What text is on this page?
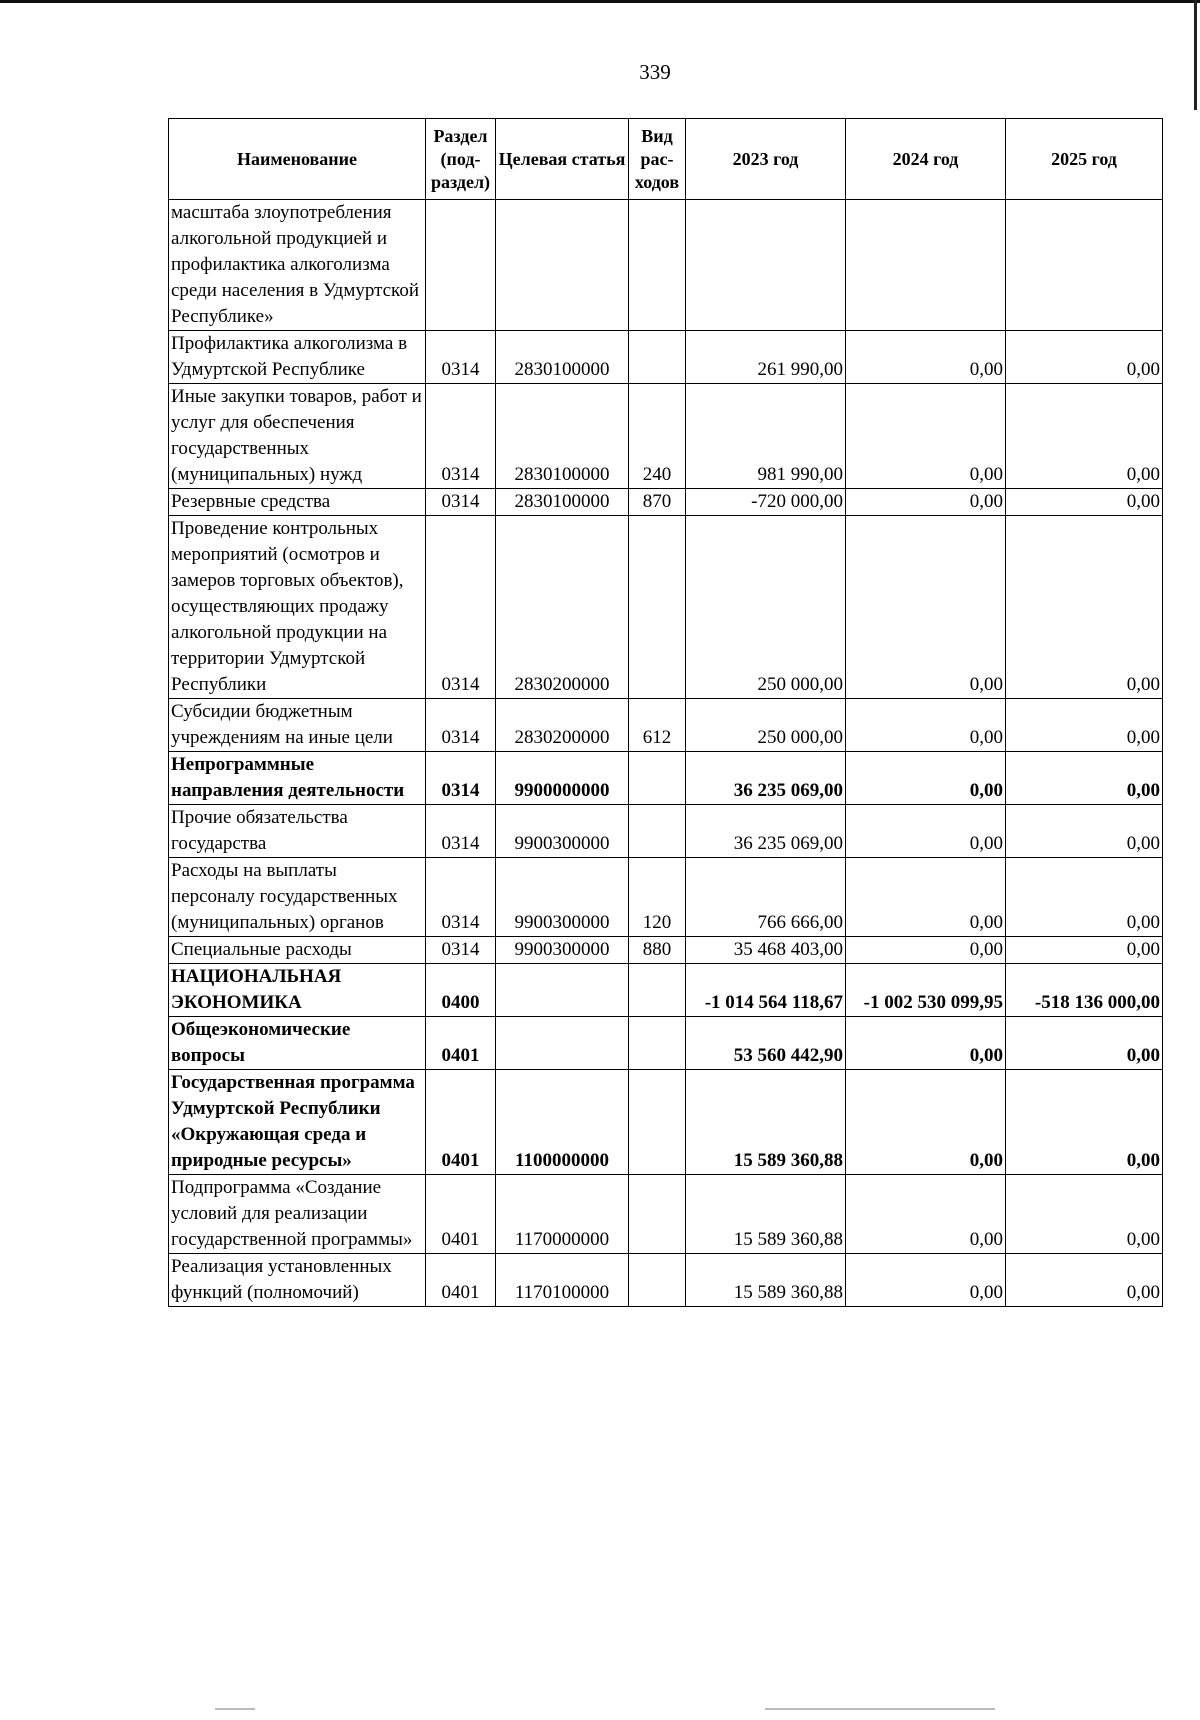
339
Наименование	Раздел (под-раздел)	Целевая статья	Вид рас-ходов	2023 год	2024 год	2025 год
масштаба злоупотребления алкогольной продукцией и профилактика алкоголизма среди населения в Удмуртской Республике»						
Профилактика алкоголизма в Удмуртской Республике	0314	2830100000		261 990,00	0,00	0,00
Иные закупки товаров, работ и услуг для обеспечения государственных (муниципальных) нужд	0314	2830100000	240	981 990,00	0,00	0,00
Резервные средства	0314	2830100000	870	-720 000,00	0,00	0,00
Проведение контрольных мероприятий (осмотров и замеров торговых объектов), осуществляющих продажу алкогольной продукции на территории Удмуртской Республики	0314	2830200000		250 000,00	0,00	0,00
Субсидии бюджетным учреждениям на иные цели	0314	2830200000	612	250 000,00	0,00	0,00
Непрограммные направления деятельности	0314	9900000000		36 235 069,00	0,00	0,00
Прочие обязательства государства	0314	9900300000		36 235 069,00	0,00	0,00
Расходы на выплаты персоналу государственных (муниципальных) органов	0314	9900300000	120	766 666,00	0,00	0,00
Специальные расходы	0314	9900300000	880	35 468 403,00	0,00	0,00
НАЦИОНАЛЬНАЯ ЭКОНОМИКА	0400			-1 014 564 118,67	-1 002 530 099,95	-518 136 000,00
Общеэкономические вопросы	0401			53 560 442,90	0,00	0,00
Государственная программа Удмуртской Республики «Окружающая среда и природные ресурсы»	0401	1100000000		15 589 360,88	0,00	0,00
Подпрограмма «Создание условий для реализации государственной программы»	0401	1170000000		15 589 360,88	0,00	0,00
Реализация установленных функций (полномочий)	0401	1170100000		15 589 360,88	0,00	0,00
